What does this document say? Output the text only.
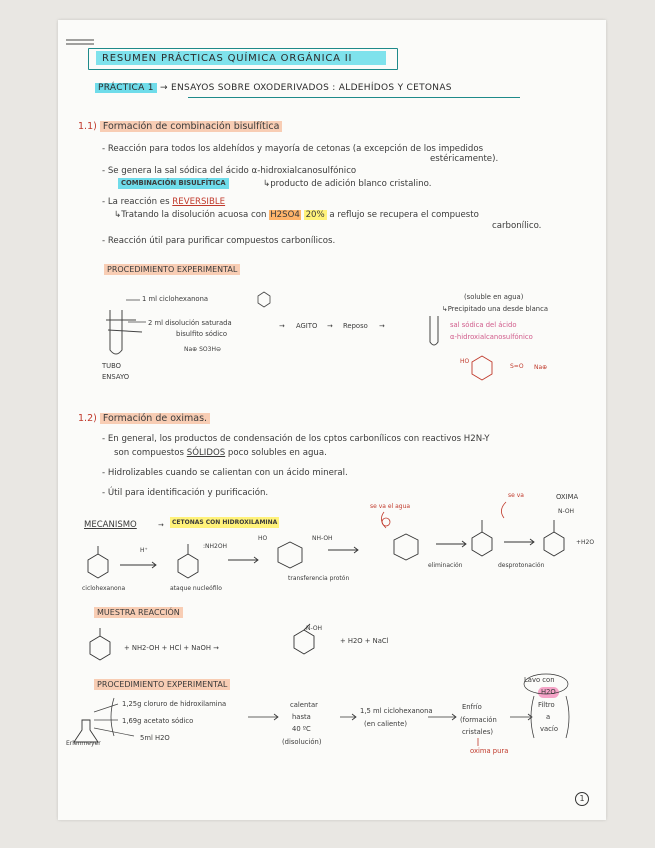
RESUMEN PRÁCTICAS QUÍMICA ORGÁNICA II
PRÁCTICA 1 → ENSAYOS SOBRE OXODERIVADOS : ALDEHÍDOS Y CETONAS
1.1) Formación de combinación bisulfítica
- Reacción para todos los aldehídos y mayoría de cetonas (a excepción de los impedidos
estéricamente).
- Se genera la sal sódica del ácido α-hidroxialcanosulfónico
COMBINACIÓN BISULFÍTICA	↳producto de adición blanco cristalino.
- La reacción es REVERSIBLE
↳Tratando la disolución acuosa con H2SO4 20% a reflujo se recupera el compuesto
carbonílico.
- Reacción útil para purificar compuestos carbonílicos.
PROCEDIMIENTO EXPERIMENTAL
1 ml ciclohexanona
2 ml disolución saturada
bisulfito sódico
Na⊕ SO3H⊖
TUBO ENSAYO
→ AGITO → Reposo →
(soluble en agua)
↳Precipitado una desde blanca
sal sódica del ácido
α-hidroxialcanosulfónico
HO
S=O Na⊕
1.2) Formación de oximas.
- En general, los productos de condensación de los cptos carbonílicos con reactivos H2N-Y
son compuestos SÓLIDOS poco solubles en agua.
- Hidrolizables cuando se calientan con un ácido mineral.
- Útil para identificación y purificación.
MECANISMO	→	CETONAS CON HIDROXILAMINA
ciclohexanona
H⁺
:NH2OH
ataque nucleófilo
HO	NH-OH
transferencia protón
se va el agua
eliminación
se va
desprotonación
OXIMA
N-OH
+H2O
MUESTRA REACCIÓN
+ NH2-OH + HCl + NaOH →
+ H2O + NaCl
N-OH
PROCEDIMIENTO EXPERIMENTAL
1,25g cloruro de hidroxilamina
1,69g acetato sódico
5ml H2O
Erlenmeyer
calentar
hasta
40 ºC
(disolución)
1,5 ml ciclohexanona
(en caliente)
Enfrío
(formación
cristales)
oxima pura
Filtro
a
vacío
Lavo con
H2O
1
